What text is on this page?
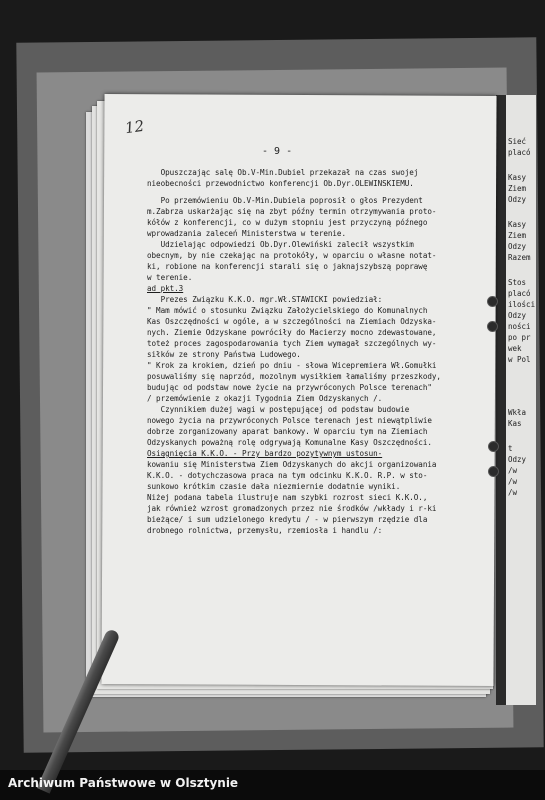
Sieć
placó
Kasy
Ziem
Odzy
Kasy
Ziem
Odzy
Razem
Stos
placó
ilości
Odzy
ności
po pr
wek
w Pol
Wkła
Kas
t
Odzy
/w
/w
/w
12
- 9 -
Opuszczając salę Ob.V-Min.Dubiel przekazał na czas swojej
nieobecności przewodnictwo konferencji Ob.Dyr.OLEWINSKIEMU.
Po przemówieniu Ob.V-Min.Dubiela poprosił o głos Prezydent
m.Zabrza uskarżając się na zbyt późny termin otrzymywania proto-
kółów z konferencji, co w dużym stopniu jest przyczyną późnego
wprowadzania zaleceń Ministerstwa w terenie.
Udzielając odpowiedzi Ob.Dyr.Olewiński zalecił wszystkim
obecnym, by nie czekając na protokóły, w oparciu o własne notat-
ki, robione na konferencji starali się o jaknajszybszą poprawę
w terenie.
ad pkt.3
Prezes Związku K.K.O. mgr.Wł.STAWICKI powiedział:
" Mam mówić o stosunku Związku Założycielskiego do Komunalnych
Kas Oszczędności w ogóle, a w szczególności na Ziemiach Odzyska-
nych. Ziemie Odzyskane powróciły do Macierzy mocno zdewastowane,
toteż proces zagospodarowania tych Ziem wymagał szczególnych wy-
siłków ze strony Państwa Ludowego.
" Krok za krokiem, dzień po dniu - słowa Wicepremiera Wł.Gomułki
posuwaliśmy się naprzód, mozolnym wysiłkiem łamaliśmy przeszkody,
budując od podstaw nowe życie na przywróconych Polsce terenach"
/ przemówienie z okazji Tygodnia Ziem Odzyskanych /.
Czynnikiem dużej wagi w postępującej od podstaw budowie
nowego życia na przywróconych Polsce terenach jest niewątpliwie
dobrze zorganizowany aparat bankowy. W oparciu tym na Ziemiach
Odzyskanych poważną rolę odgrywają Komunalne Kasy Oszczędności.
Osiągnięcia K.K.O. - Przy bardzo pozytywnym ustosun-
kowaniu się Ministerstwa Ziem Odzyskanych do akcji organizowania
K.K.O. - dotychczasowa praca na tym odcinku K.K.O. R.P. w sto-
sunkowo krótkim czasie dała niezmiernie dodatnie wyniki.
Niżej podana tabela ilustruje nam szybki rozrost sieci K.K.O.,
jak również wzrost gromadzonych przez nie środków /wkłady i r-ki
bieżące/ i sum udzielonego kredytu / - w pierwszym rzędzie dla
drobnego rolnictwa, przemysłu, rzemiosła i handlu /:
Archiwum Państwowe w Olsztynie
